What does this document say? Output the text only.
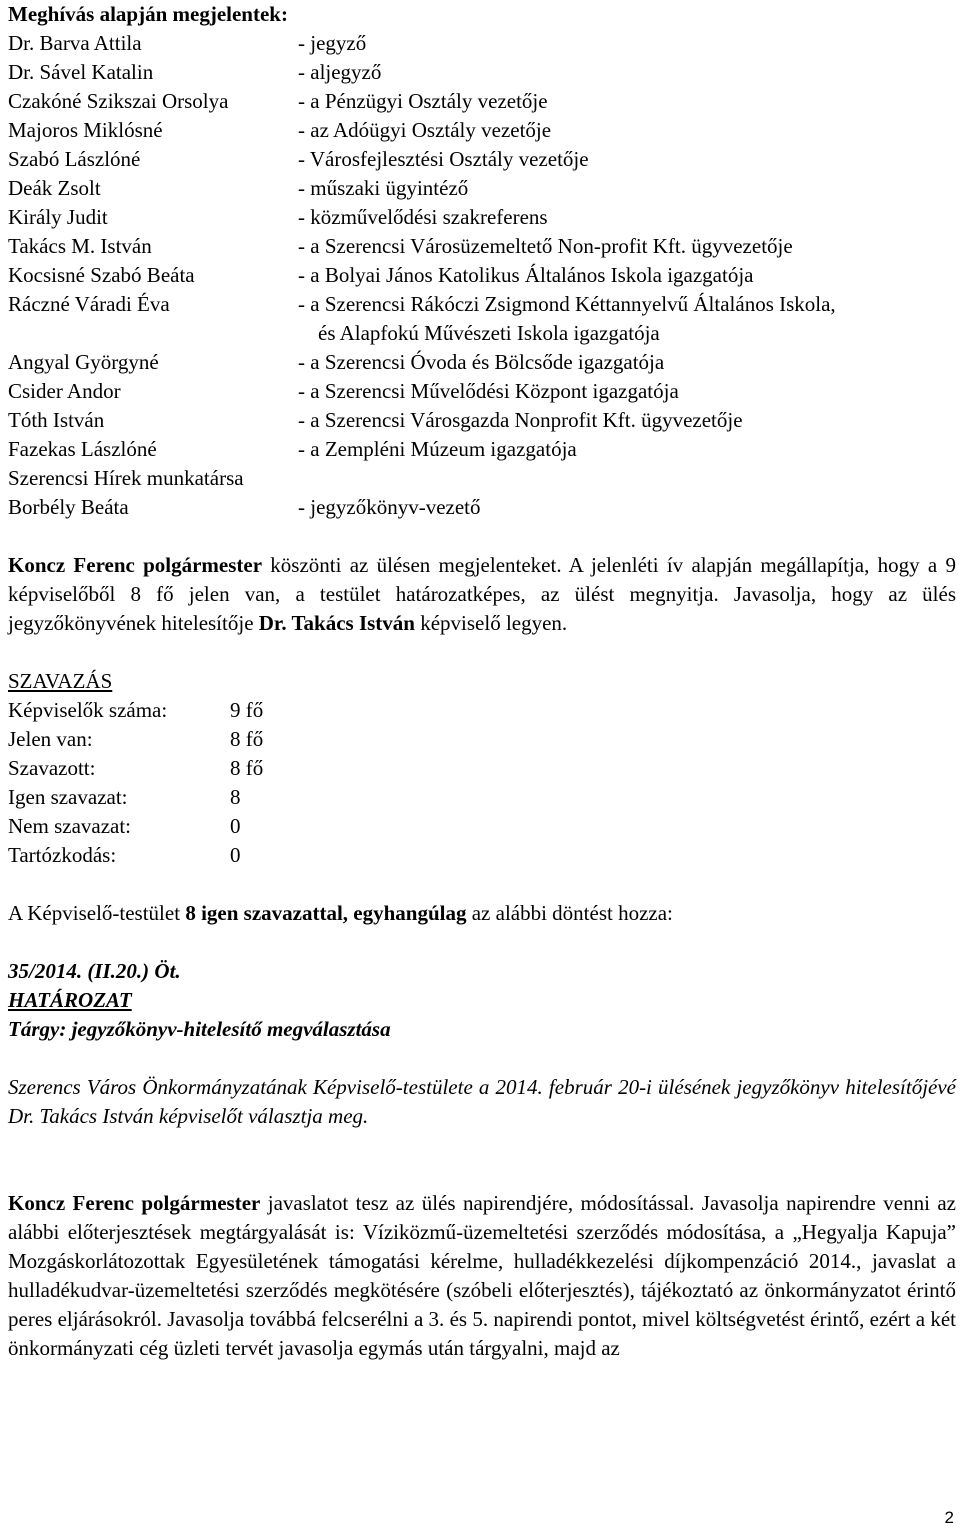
Meghívás alapján megjelentek:
Dr. Barva Attila	- jegyző
Dr. Sável Katalin	- aljegyző
Czakóné Szikszai Orsolya	- a Pénzügyi Osztály vezetője
Majoros Miklósné	- az Adóügyi Osztály vezetője
Szabó Lászlóné	- Városfejlesztési Osztály vezetője
Deák Zsolt	- műszaki ügyintéző
Király Judit	- közművelődési szakreferens
Takács M. István	- a Szerencsi Városüzemeltető Non-profit Kft. ügyvezetője
Kocsisné Szabó Beáta	- a Bolyai János Katolikus Általános Iskola igazgatója
Ráczné Váradi Éva	- a Szerencsi Rákóczi Zsigmond Kéttannyelvű Általános Iskola,
és Alapfokú Művészeti Iskola igazgatója
Angyal Györgyné	- a Szerencsi Óvoda és Bölcsőde igazgatója
Csider Andor	- a Szerencsi Művelődési Központ igazgatója
Tóth István	- a Szerencsi Városgazda Nonprofit Kft. ügyvezetője
Fazekas Lászlóné	- a Zempléni Múzeum igazgatója
Szerencsi Hírek munkatársa
Borbély Beáta	- jegyzőkönyv-vezető

Koncz Ferenc polgármester köszönti az ülésen megjelenteket. A jelenléti ív alapján megállapítja, hogy a 9 képviselőből 8 fő jelen van, a testület határozatképes, az ülést megnyitja. Javasolja, hogy az ülés jegyzőkönyvének hitelesítője Dr. Takács István képviselő legyen.

SZAVAZÁS
Képviselők száma:	9 fő
Jelen van:	8 fő
Szavazott:	8 fő
Igen szavazat:	8
Nem szavazat:	0
Tartózkodás:	0
A Képviselő-testület 8 igen szavazattal, egyhangúlag az alábbi döntést hozza:
35/2014. (II.20.) Öt.
HATÁROZAT
Tárgy: jegyzőkönyv-hitelesítő megválasztása

Szerencs Város Önkormányzatának Képviselő-testülete a 2014. február 20-i ülésének jegyzőkönyv hitelesítőjévé Dr. Takács István képviselőt választja meg.

Koncz Ferenc polgármester javaslatot tesz az ülés napirendjére, módosítással. Javasolja napirendre venni az alábbi előterjesztések megtárgyalását is: Víziközmű-üzemeltetési szerződés módosítása, a „Hegyalja Kapuja” Mozgáskorlátozottak Egyesületének támogatási kérelme, hulladékkezelési díjkompenzáció 2014., javaslat a hulladékudvar-üzemeltetési szerződés megkötésére (szóbeli előterjesztés), tájékoztató az önkormányzatot érintő peres eljárásokról. Javasolja továbbá felcserélni a 3. és 5. napirendi pontot, mivel költségvetést érintő, ezért a két önkormányzati cég üzleti tervét javasolja egymás után tárgyalni, majd az

2
